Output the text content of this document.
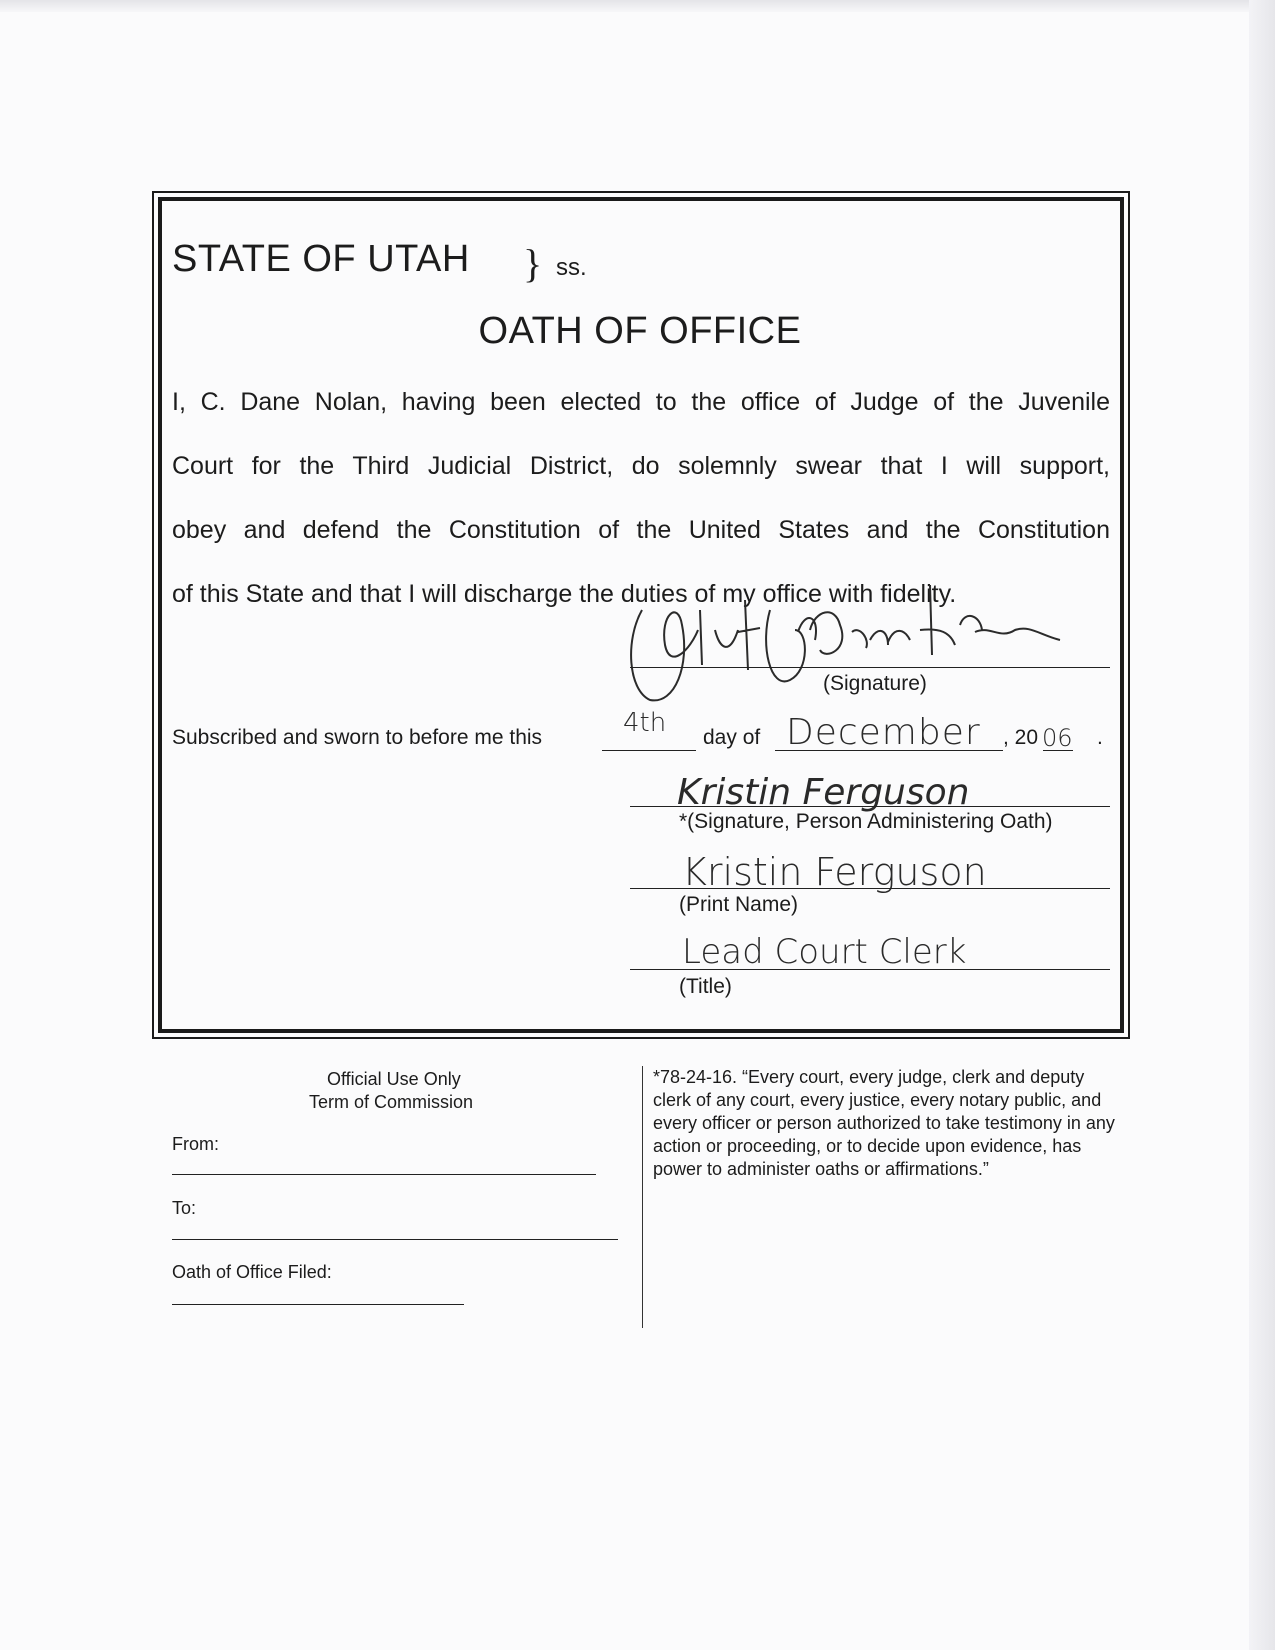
STATE OF UTAH } ss.
OATH OF OFFICE
I, C. Dane Nolan, having been elected to the office of Judge of the Juvenile
Court for the Third Judicial District, do solemnly swear that I will support,
obey and defend the Constitution of the United States and the Constitution
of this State and that I will discharge the duties of my office with fidelity.
(Signature)
Subscribed and sworn to before me this	4th day of December , 20 06 .
Kristin Ferguson
*(Signature, Person Administering Oath)
Kristin Ferguson
(Print Name)
Lead Court Clerk
(Title)
Official Use Only
Term of Commission
From:
To:
Oath of Office Filed:
*78-24-16. “Every court, every judge, clerk and deputy clerk of any court, every justice, every notary public, and every officer or person authorized to take testimony in any action or proceeding, or to decide upon evidence, has power to administer oaths or affirmations.”
